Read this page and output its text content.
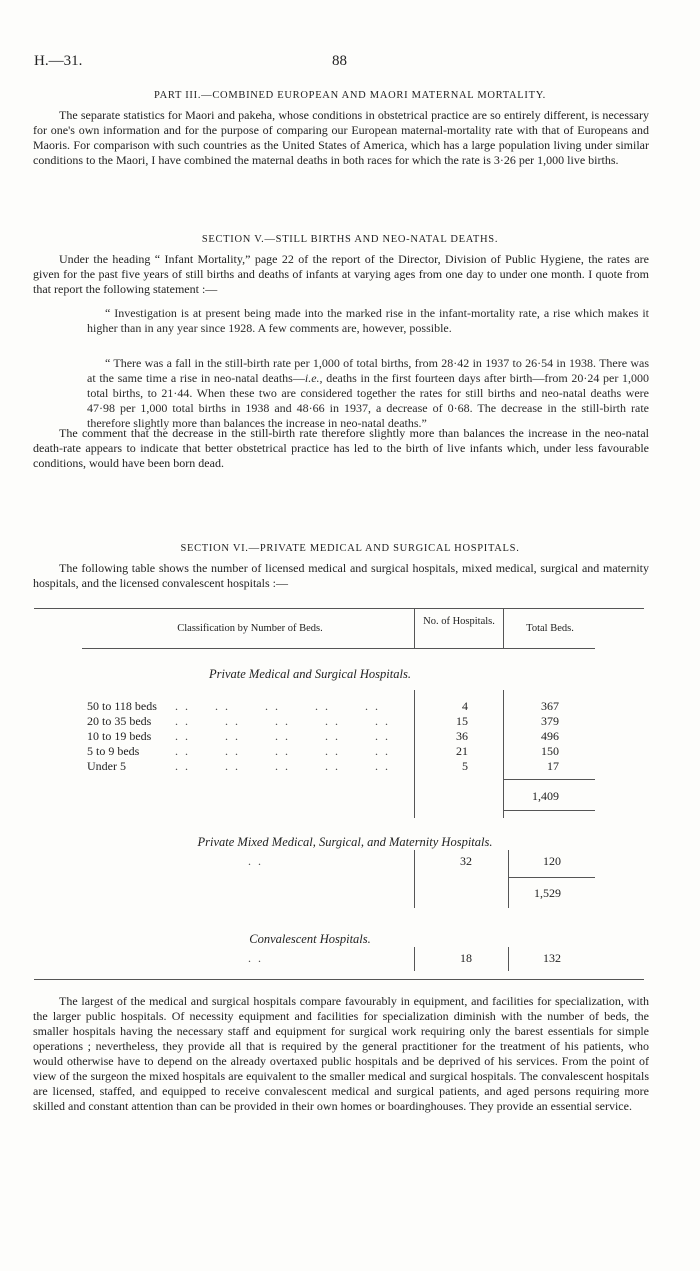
H.—31.	88
PART III.—COMBINED EUROPEAN AND MAORI MATERNAL MORTALITY.

The separate statistics for Maori and pakeha, whose conditions in obstetrical practice are so entirely different, is necessary for one's own information and for the purpose of comparing our European maternal-mortality rate with that of Europeans and Maoris. For comparison with such countries as the United States of America, which has a large population living under similar conditions to the Maori, I have combined the maternal deaths in both races for which the rate is 3·26 per 1,000 live births.

SECTION V.—STILL BIRTHS AND NEO-NATAL DEATHS.

Under the heading “ Infant Mortality,” page 22 of the report of the Director, Division of Public Hygiene, the rates are given for the past five years of still births and deaths of infants at varying ages from one day to under one month. I quote from that report the following statement :—

“ Investigation is at present being made into the marked rise in the infant-mortality rate, a rise which makes it higher than in any year since 1928. A few comments are, however, possible.

“ There was a fall in the still-birth rate per 1,000 of total births, from 28·42 in 1937 to 26·54 in 1938. There was at the same time a rise in neo-natal deaths—i.e., deaths in the first fourteen days after birth—from 20·24 per 1,000 total births, to 21·44. When these two are considered together the rates for still births and neo-natal deaths were 47·98 per 1,000 total births in 1938 and 48·66 in 1937, a decrease of 0·68. The decrease in the still-birth rate therefore slightly more than balances the increase in neo-natal deaths.”

The comment that the decrease in the still-birth rate therefore slightly more than balances the increase in the neo-natal death-rate appears to indicate that better obstetrical practice has led to the birth of live infants which, under less favourable conditions, would have been born dead.

SECTION VI.—PRIVATE MEDICAL AND SURGICAL HOSPITALS.

The following table shows the number of licensed medical and surgical hospitals, mixed medical, surgical and maternity hospitals, and the licensed convalescent hospitals :—

Classification by Number of Beds.
No. of Hospitals.
Total Beds.
Private Medical and Surgical Hospitals.
50 to 118 beds	. .     . .       . .       . .       . .	4	367
20 to 35 beds	. .       . .       . .       . .       . .	15	379
10 to 19 beds	. .       . .       . .       . .       . .	36	496
5 to 9 beds	. .       . .       . .       . .       . .	21	150
Under 5	. .       . .       . .       . .       . .	5	17
1,409
Private Mixed Medical, Surgical, and Maternity Hospitals.
. .	32	120
1,529
Convalescent Hospitals.
. .	18	132

The largest of the medical and surgical hospitals compare favourably in equipment, and facilities for specialization, with the larger public hospitals. Of necessity equipment and facilities for specialization diminish with the number of beds, the smaller hospitals having the necessary staff and equipment for surgical work requiring only the barest essentials for simple operations ; nevertheless, they provide all that is required by the general practitioner for the treatment of his patients, who would otherwise have to depend on the already overtaxed public hospitals and be deprived of his services. From the point of view of the surgeon the mixed hospitals are equivalent to the smaller medical and surgical hospitals. The convalescent hospitals are licensed, staffed, and equipped to receive convalescent medical and surgical patients, and aged persons requiring more skilled and constant attention than can be provided in their own homes or boardinghouses. They provide an essential service.
